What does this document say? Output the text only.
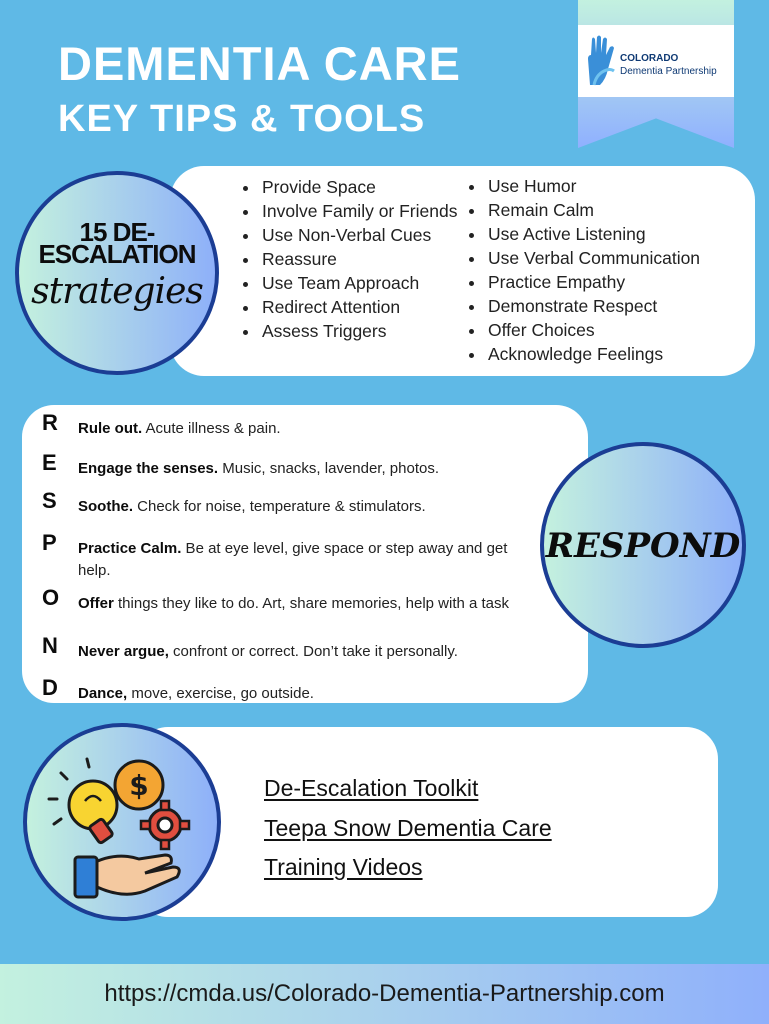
DEMENTIA CARE
KEY TIPS & TOOLS
COLORADO
Dementia Partnership
• Provide Space
• Involve Family or Friends
• Use Non-Verbal Cues
• Reassure
• Use Team Approach
• Redirect Attention
• Assess Triggers
• Use Humor
• Remain Calm
• Use Active Listening
• Use Verbal Communication
• Practice Empathy
• Demonstrate Respect
• Offer Choices
• Acknowledge Feelings
15 DE-
ESCALATION
strategies
R	Rule out. Acute illness & pain.
E	Engage the senses. Music, snacks, lavender, photos.
S	Soothe. Check for noise, temperature & stimulators.
P	Practice Calm. Be at eye level, give space or step away and get help.
O	Offer things they like to do. Art, share memories, help with a task
N	Never argue, confront or correct. Don’t take it personally.
D	Dance, move, exercise, go outside.
RESPOND
De-Escalation Toolkit
Teepa Snow Dementia Care
Training Videos
$
https://cmda.us/Colorado-Dementia-Partnership.com
